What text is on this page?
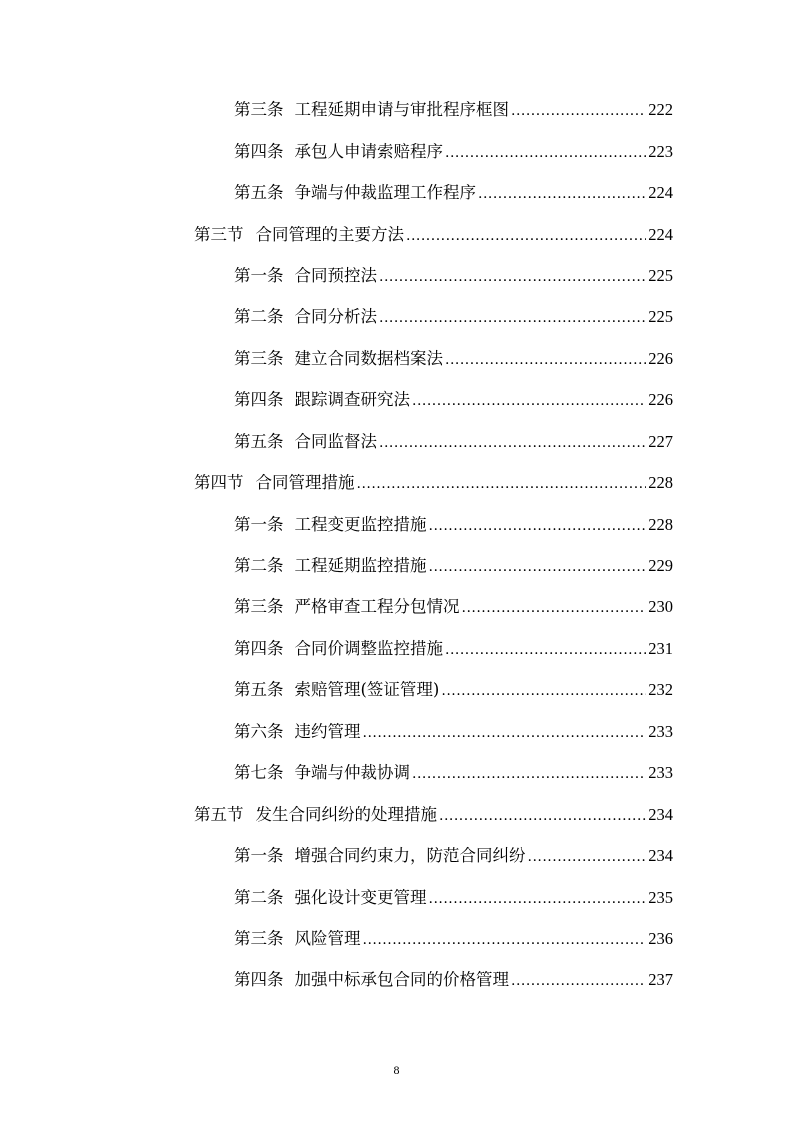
第三条 工程延期申请与审批程序框图 .....	222
第四条 承包人申请索赔程序 .....	223
第五条 争端与仲裁监理工作程序 .....	224
第三节 合同管理的主要方法 .....	224
第一条 合同预控法 .....	225
第二条 合同分析法 .....	225
第三条 建立合同数据档案法 .....	226
第四条 跟踪调查研究法 .....	226
第五条 合同监督法 .....	227
第四节 合同管理措施 .....	228
第一条 工程变更监控措施 .....	228
第二条 工程延期监控措施 .....	229
第三条 严格审查工程分包情况 .....	230
第四条 合同价调整监控措施 .....	231
第五条 索赔管理(签证管理) .....	232
第六条 违约管理 .....	233
第七条 争端与仲裁协调 .....	233
第五节 发生合同纠纷的处理措施 .....	234
第一条 增强合同约束力，防范合同纠纷 .....	234
第二条 强化设计变更管理 .....	235
第三条 风险管理 .....	236
第四条 加强中标承包合同的价格管理 .....	237
8
